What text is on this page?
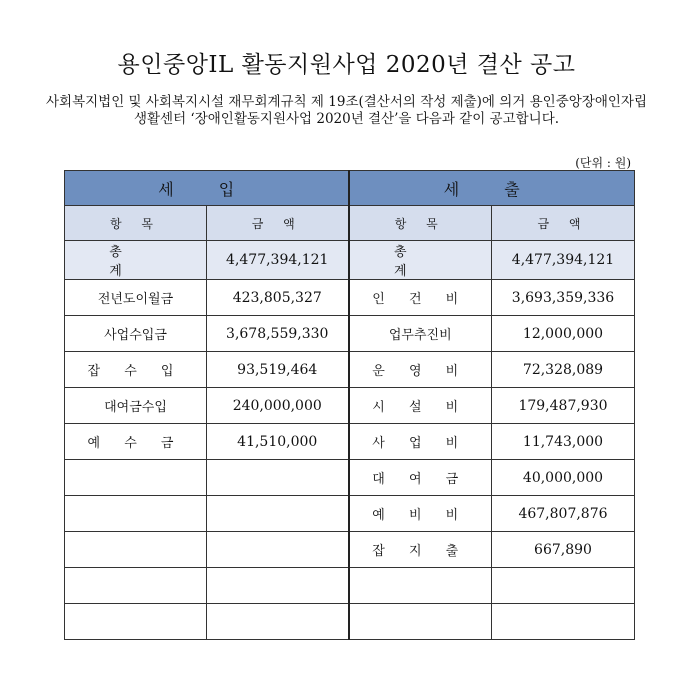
용인중앙IL 활동지원사업 2020년 결산 공고
사회복지법인 및 사회복지시설 재무회계규칙 제 19조(결산서의 작성 제출)에 의거 용인중앙장애인자립생활센터 ‘장애인활동지원사업 2020년 결산’을 다음과 같이 공고합니다.
(단위 : 원)
세 입		세 출	
항 목	금 액	항 목	금 액
총 계	4,477,394,121	총 계	4,477,394,121
전년도이월금	423,805,327	인 건 비	3,693,359,336
사업수입금	3,678,559,330	업무추진비	12,000,000
잡 수 입	93,519,464	운 영 비	72,328,089
대여금수입	240,000,000	시 설 비	179,487,930
예 수 금	41,510,000	사 업 비	11,743,000
		대 여 금	40,000,000
		예 비 비	467,807,876
		잡 지 출	667,890
